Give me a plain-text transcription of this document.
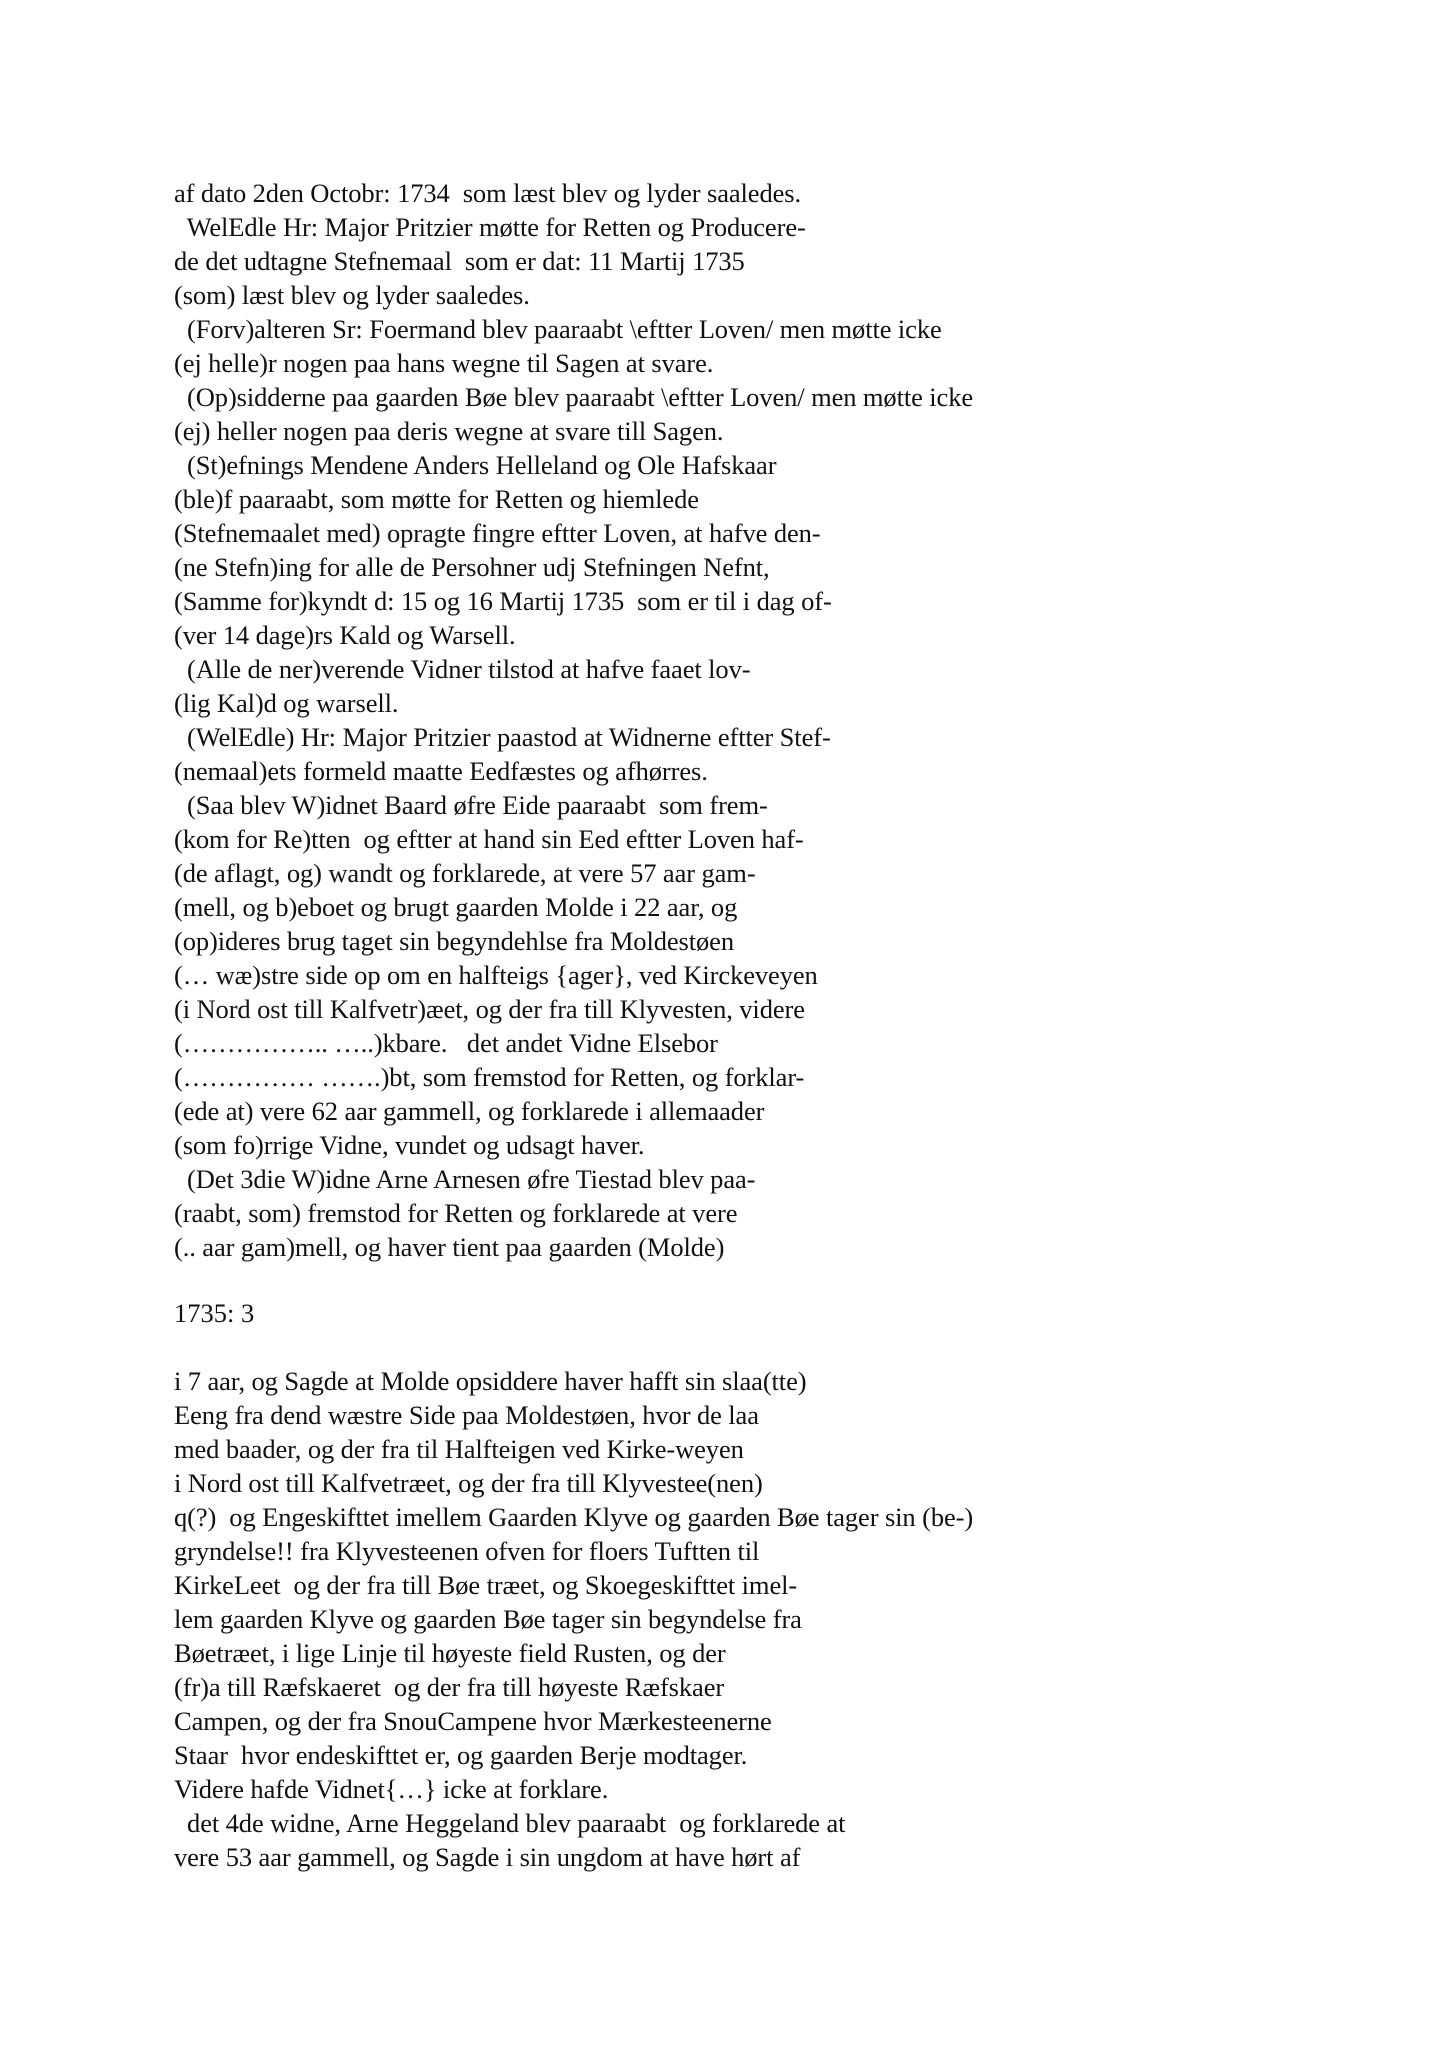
af dato 2den Octobr: 1734  som læst blev og lyder saaledes.
WelEdle Hr: Major Pritzier møtte for Retten og Producere-
de det udtagne Stefnemaal  som er dat: 11 Martij 1735
(som) læst blev og lyder saaledes.
(Forv)alteren Sr: Foermand blev paaraabt \eftter Loven/ men møtte icke
(ej helle)r nogen paa hans wegne til Sagen at svare.
(Op)sidderne paa gaarden Bøe blev paaraabt \eftter Loven/ men møtte icke
(ej) heller nogen paa deris wegne at svare till Sagen.
(St)efnings Mendene Anders Helleland og Ole Hafskaar
(ble)f paaraabt, som møtte for Retten og hiemlede
(Stefnemaalet med) opragte fingre eftter Loven, at hafve den-
(ne Stefn)ing for alle de Persohner udj Stefningen Nefnt,
(Samme for)kyndt d: 15 og 16 Martij 1735  som er til i dag of-
(ver 14 dage)rs Kald og Warsell.
(Alle de ner)verende Vidner tilstod at hafve faaet lov-
(lig Kal)d og warsell.
(WelEdle) Hr: Major Pritzier paastod at Widnerne eftter Stef-
(nemaal)ets formeld maatte Eedfæstes og afhørres.
(Saa blev W)idnet Baard øfre Eide paaraabt  som frem-
(kom for Re)tten  og eftter at hand sin Eed eftter Loven haf-
(de aflagt, og) wandt og forklarede, at vere 57 aar gam-
(mell, og b)eboet og brugt gaarden Molde i 22 aar, og
(op)ideres brug taget sin begyndehlse fra Moldestøen
(… wæ)stre side op om en halfteigs {ager}, ved Kirckeveyen
(i Nord ost till Kalfvetr)æet, og der fra till Klyvesten, videre
(…………….. …..)kbare.   det andet Vidne Elsebor
(…………… …….)bt, som fremstod for Retten, og forklar-
(ede at) vere 62 aar gammell, og forklarede i allemaader
(som fo)rrige Vidne, vundet og udsagt haver.
(Det 3die W)idne Arne Arnesen øfre Tiestad blev paa-
(raabt, som) fremstod for Retten og forklarede at vere
(.. aar gam)mell, og haver tient paa gaarden (Molde)
1735: 3
i 7 aar, og Sagde at Molde opsiddere haver hafft sin slaa(tte)
Eeng fra dend wæstre Side paa Moldestøen, hvor de laa
med baader, og der fra til Halfteigen ved Kirke-weyen
i Nord ost till Kalfvetræet, og der fra till Klyvestee(nen)
q(?)  og Engeskifttet imellem Gaarden Klyve og gaarden Bøe tager sin (be-)
gryndelse!! fra Klyvesteenen ofven for floers Tuftten til
KirkeLeet  og der fra till Bøe træet, og Skoegeskifttet imel-
lem gaarden Klyve og gaarden Bøe tager sin begyndelse fra
Bøetræet, i lige Linje til høyeste field Rusten, og der
(fr)a till Ræfskaeret  og der fra till høyeste Ræfskaer
Campen, og der fra SnouCampene hvor Mærkesteenerne
Staar  hvor endeskifttet er, og gaarden Berje modtager.
Videre hafde Vidnet{…} icke at forklare.
det 4de widne, Arne Heggeland blev paaraabt  og forklarede at
vere 53 aar gammell, og Sagde i sin ungdom at have hørt af
